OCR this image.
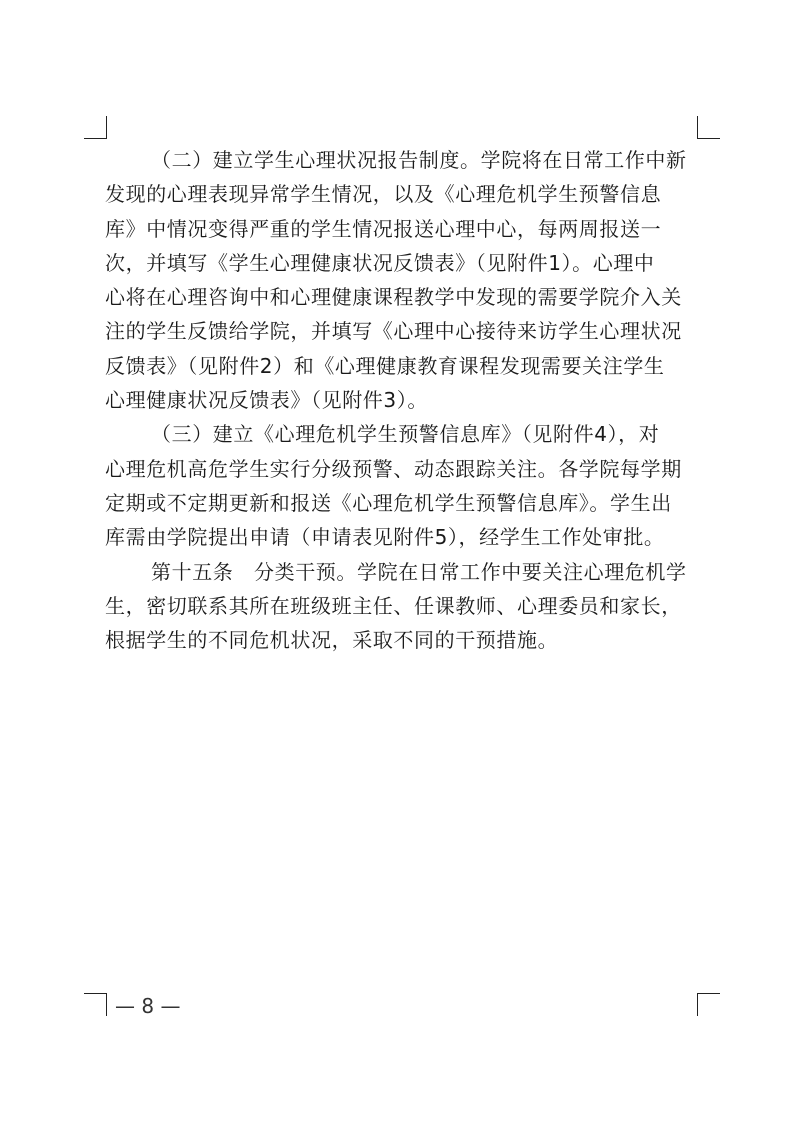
（二）建立学生心理状况报告制度。学院将在日常工作中新
发现的心理表现异常学生情况，以及《心理危机学生预警信息
库》中情况变得严重的学生情况报送心理中心，每两周报送一
次，并填写《学生心理健康状况反馈表》（见附件1）。心理中
心将在心理咨询中和心理健康课程教学中发现的需要学院介入关
注的学生反馈给学院，并填写《心理中心接待来访学生心理状况
反馈表》（见附件2）和《心理健康教育课程发现需要关注学生
心理健康状况反馈表》（见附件3）。
（三）建立《心理危机学生预警信息库》（见附件4），对
心理危机高危学生实行分级预警、动态跟踪关注。各学院每学期
定期或不定期更新和报送《心理危机学生预警信息库》。学生出
库需由学院提出申请（申请表见附件5），经学生工作处审批。
第十五条　分类干预。学院在日常工作中要关注心理危机学
生，密切联系其所在班级班主任、任课教师、心理委员和家长，
根据学生的不同危机状况，采取不同的干预措施。
— 8 —
